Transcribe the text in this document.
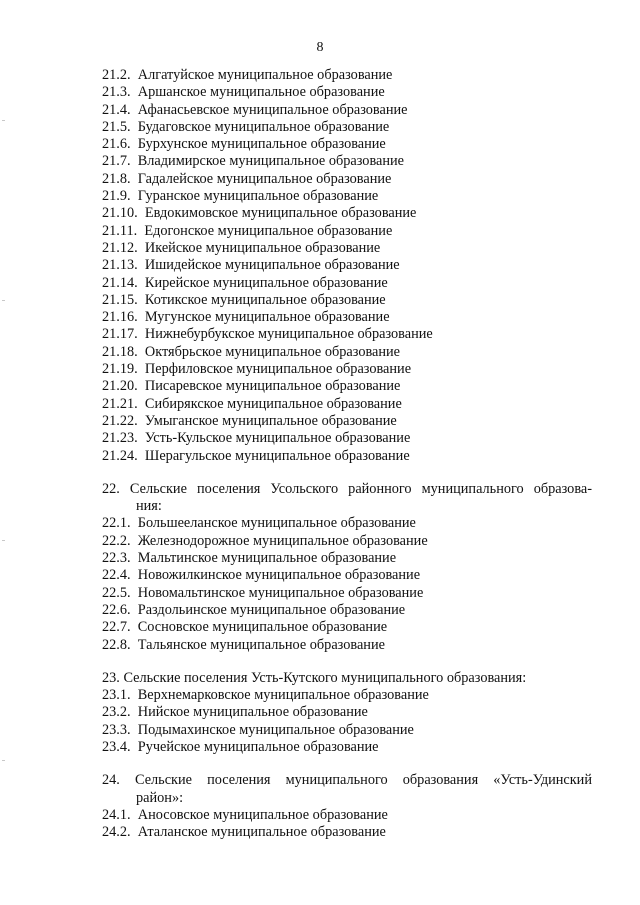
8
21.2. Алгатуйское муниципальное образование
21.3. Аршанское муниципальное образование
21.4. Афанасьевское муниципальное образование
21.5. Будаговское муниципальное образование
21.6. Бурхунское муниципальное образование
21.7. Владимирское муниципальное образование
21.8. Гадалейское муниципальное образование
21.9. Гуранское муниципальное образование
21.10. Евдокимовское муниципальное образование
21.11. Едогонское муниципальное образование
21.12. Икейское муниципальное образование
21.13. Ишидейское муниципальное образование
21.14. Кирейское муниципальное образование
21.15. Котикское муниципальное образование
21.16. Мугунское муниципальное образование
21.17. Нижнебурбукское муниципальное образование
21.18. Октябрьское муниципальное образование
21.19. Перфиловское муниципальное образование
21.20. Писаревское муниципальное образование
21.21. Сибирякское муниципальное образование
21.22. Умыганское муниципальное образование
21.23. Усть-Кульское муниципальное образование
21.24. Шерагульское муниципальное образование
22. Сельские поселения Усольского районного муниципального образова-
ния:
22.1. Большееланское муниципальное образование
22.2. Железнодорожное муниципальное образование
22.3. Мальтинское муниципальное образование
22.4. Новожилкинское муниципальное образование
22.5. Новомальтинское муниципальное образование
22.6. Раздольинское муниципальное образование
22.7. Сосновское муниципальное образование
22.8. Тальянское муниципальное образование
23. Сельские поселения Усть-Кутского муниципального образования:
23.1. Верхнемарковское муниципальное образование
23.2. Нийское муниципальное образование
23.3. Подымахинское муниципальное образование
23.4. Ручейское муниципальное образование
24. Сельские поселения муниципального образования «Усть-Удинский
район»:
24.1. Аносовское муниципальное образование
24.2. Аталанское муниципальное образование
